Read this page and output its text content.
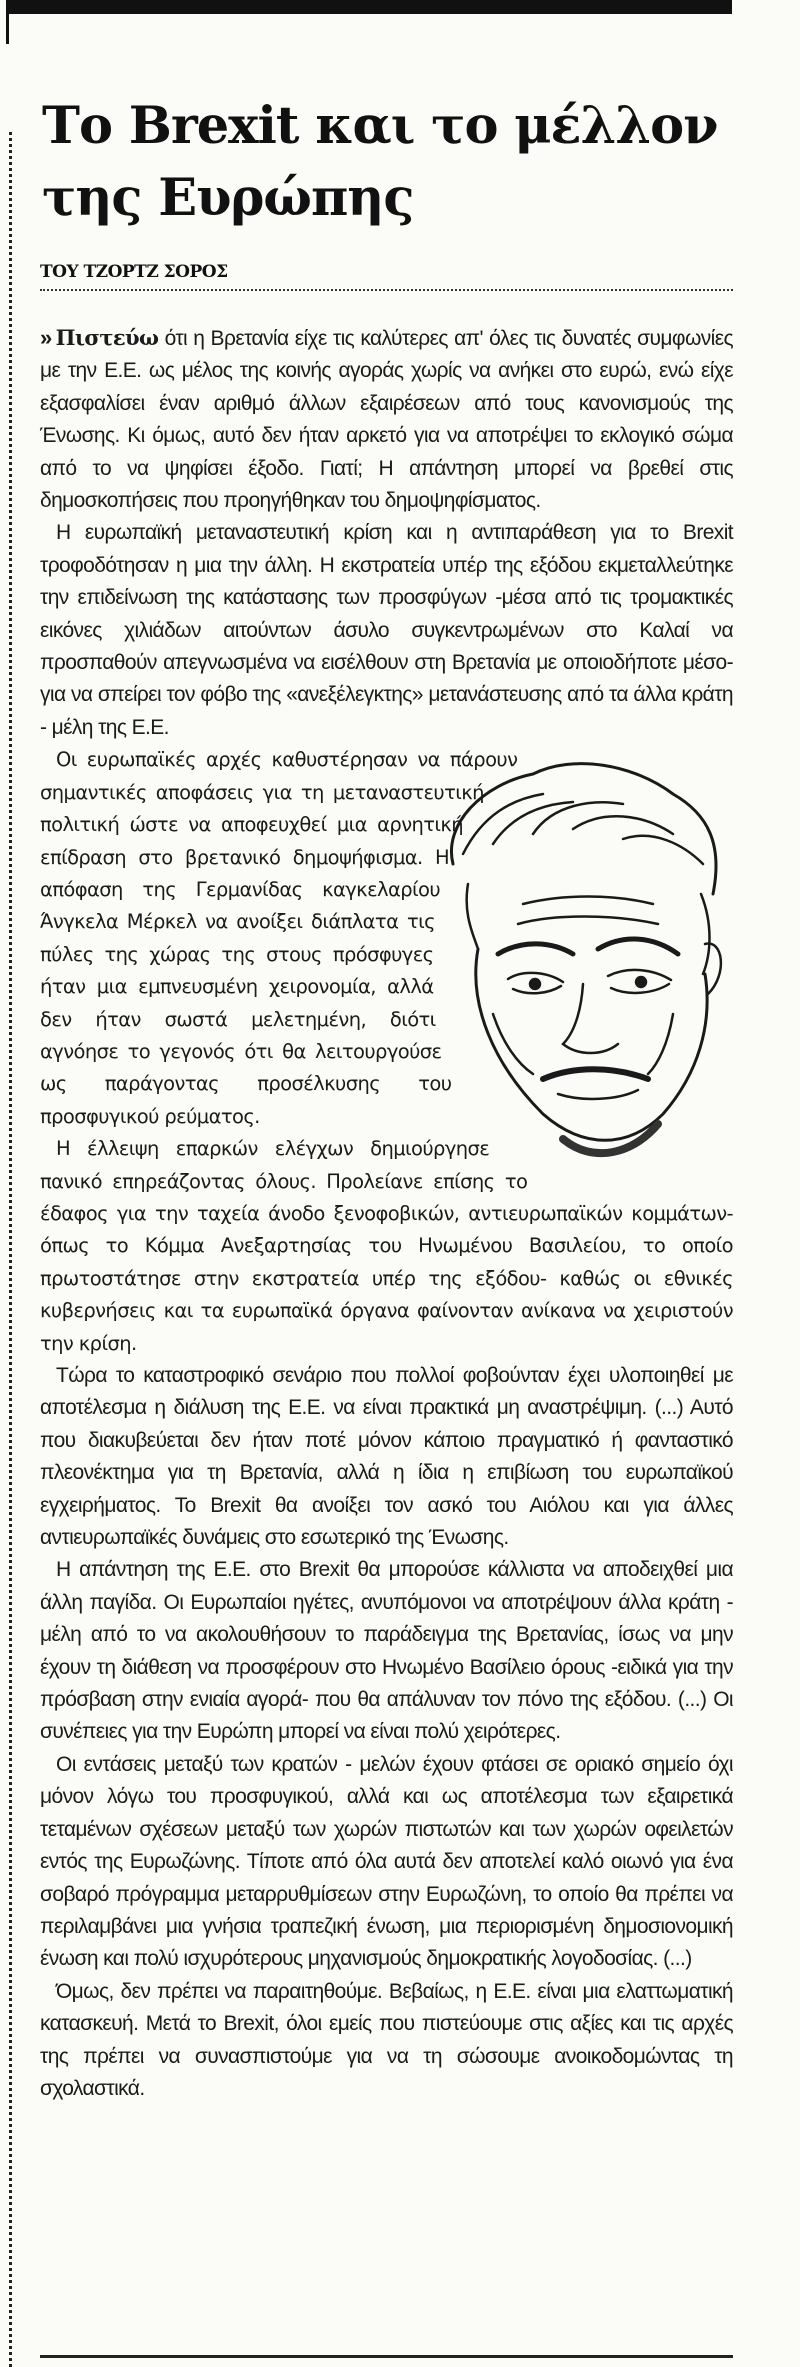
Το Brexit και το μέλλον
της Ευρώπης
ΤΟΥ ΤΖΟΡΤΖ ΣΟΡΟΣ

» Πιστεύω ότι η Βρετανία είχε τις καλύτερες απ' όλες τις δυνατές συμφωνίες με την Ε.Ε. ως μέλος της κοινής αγοράς χωρίς να ανήκει στο ευρώ, ενώ είχε εξασφαλίσει έναν αριθμό άλλων εξαιρέσεων από τους κανονισμούς της Ένωσης. Κι όμως, αυτό δεν ήταν αρκετό για να αποτρέψει το εκλογικό σώμα από το να ψηφίσει έξοδο. Γιατί; Η απάντηση μπορεί να βρεθεί στις δημοσκοπήσεις που προηγήθηκαν του δημοψηφίσματος.

Η ευρωπαϊκή μεταναστευτική κρίση και η αντιπαράθεση για το Brexit τροφοδότησαν η μια την άλλη. Η εκστρατεία υπέρ της εξόδου εκμεταλλεύτηκε την επιδείνωση της κατάστασης των προσφύγων -μέσα από τις τρομακτικές εικόνες χιλιάδων αιτούντων άσυλο συγκεντρωμένων στο Καλαί να προσπαθούν απεγνωσμένα να εισέλθουν στη Βρετανία με οποιοδήποτε μέσο- για να σπείρει τον φόβο της «ανεξέλεγκτης» μετανάστευσης από τα άλλα κράτη - μέλη της Ε.Ε.

Οι ευρωπαϊκές αρχές καθυστέρησαν να πάρουν σημαντικές αποφάσεις για τη μεταναστευτική πολιτική ώστε να αποφευχθεί μια αρνητική επίδραση στο βρετανικό δημοψήφισμα. Η απόφαση της Γερμανίδας καγκελαρίου Άνγκελα Μέρκελ να ανοίξει διάπλατα τις πύλες της χώρας της στους πρόσφυγες ήταν μια εμπνευσμένη χειρονομία, αλλά δεν ήταν σωστά μελετημένη, διότι αγνόησε το γεγονός ότι θα λειτουργούσε ως παράγοντας προσέλκυσης του προσφυγικού ρεύματος.

Η έλλειψη επαρκών ελέγχων δημιούργησε πανικό επηρεάζοντας όλους. Προλείανε επίσης το έδαφος για την ταχεία άνοδο ξενοφοβικών, αντιευρωπαϊκών κομμάτων- όπως το Κόμμα Ανεξαρτησίας του Ηνωμένου Βασιλείου, το οποίο πρωτοστάτησε στην εκστρατεία υπέρ της εξόδου- καθώς οι εθνικές κυβερνήσεις και τα ευρωπαϊκά όργανα φαίνονταν ανίκανα να χειριστούν την κρίση.

Τώρα το καταστροφικό σενάριο που πολλοί φοβούνταν έχει υλοποιηθεί με αποτέλεσμα η διάλυση της Ε.Ε. να είναι πρακτικά μη αναστρέψιμη. (...) Αυτό που διακυβεύεται δεν ήταν ποτέ μόνον κάποιο πραγματικό ή φανταστικό πλεονέκτημα για τη Βρετανία, αλλά η ίδια η επιβίωση του ευρωπαϊκού εγχειρήματος. Το Brexit θα ανοίξει τον ασκό του Αιόλου και για άλλες αντιευρωπαϊκές δυνάμεις στο εσωτερικό της Ένωσης.

Η απάντηση της Ε.Ε. στο Brexit θα μπορούσε κάλλιστα να αποδειχθεί μια άλλη παγίδα. Οι Ευρωπαίοι ηγέτες, ανυπόμονοι να αποτρέψουν άλλα κράτη - μέλη από το να ακολουθήσουν το παράδειγμα της Βρετανίας, ίσως να μην έχουν τη διάθεση να προσφέρουν στο Ηνωμένο Βασίλειο όρους -ειδικά για την πρόσβαση στην ενιαία αγορά- που θα απάλυναν τον πόνο της εξόδου. (...) Οι συνέπειες για την Ευρώπη μπορεί να είναι πολύ χειρότερες.

Οι εντάσεις μεταξύ των κρατών - μελών έχουν φτάσει σε οριακό σημείο όχι μόνον λόγω του προσφυγικού, αλλά και ως αποτέλεσμα των εξαιρετικά τεταμένων σχέσεων μεταξύ των χωρών πιστωτών και των χωρών οφειλετών εντός της Ευρωζώνης. Τίποτε από όλα αυτά δεν αποτελεί καλό οιωνό για ένα σοβαρό πρόγραμμα μεταρρυθμίσεων στην Ευρωζώνη, το οποίο θα πρέπει να περιλαμβάνει μια γνήσια τραπεζική ένωση, μια περιορισμένη δημοσιονομική ένωση και πολύ ισχυρότερους μηχανισμούς δημοκρατικής λογοδοσίας. (...)

Όμως, δεν πρέπει να παραιτηθούμε. Βεβαίως, η Ε.Ε. είναι μια ελαττωματική κατασκευή. Μετά το Brexit, όλοι εμείς που πιστεύουμε στις αξίες και τις αρχές της πρέπει να συνασπιστούμε για να τη σώσουμε ανοικοδομώντας τη σχολαστικά.
